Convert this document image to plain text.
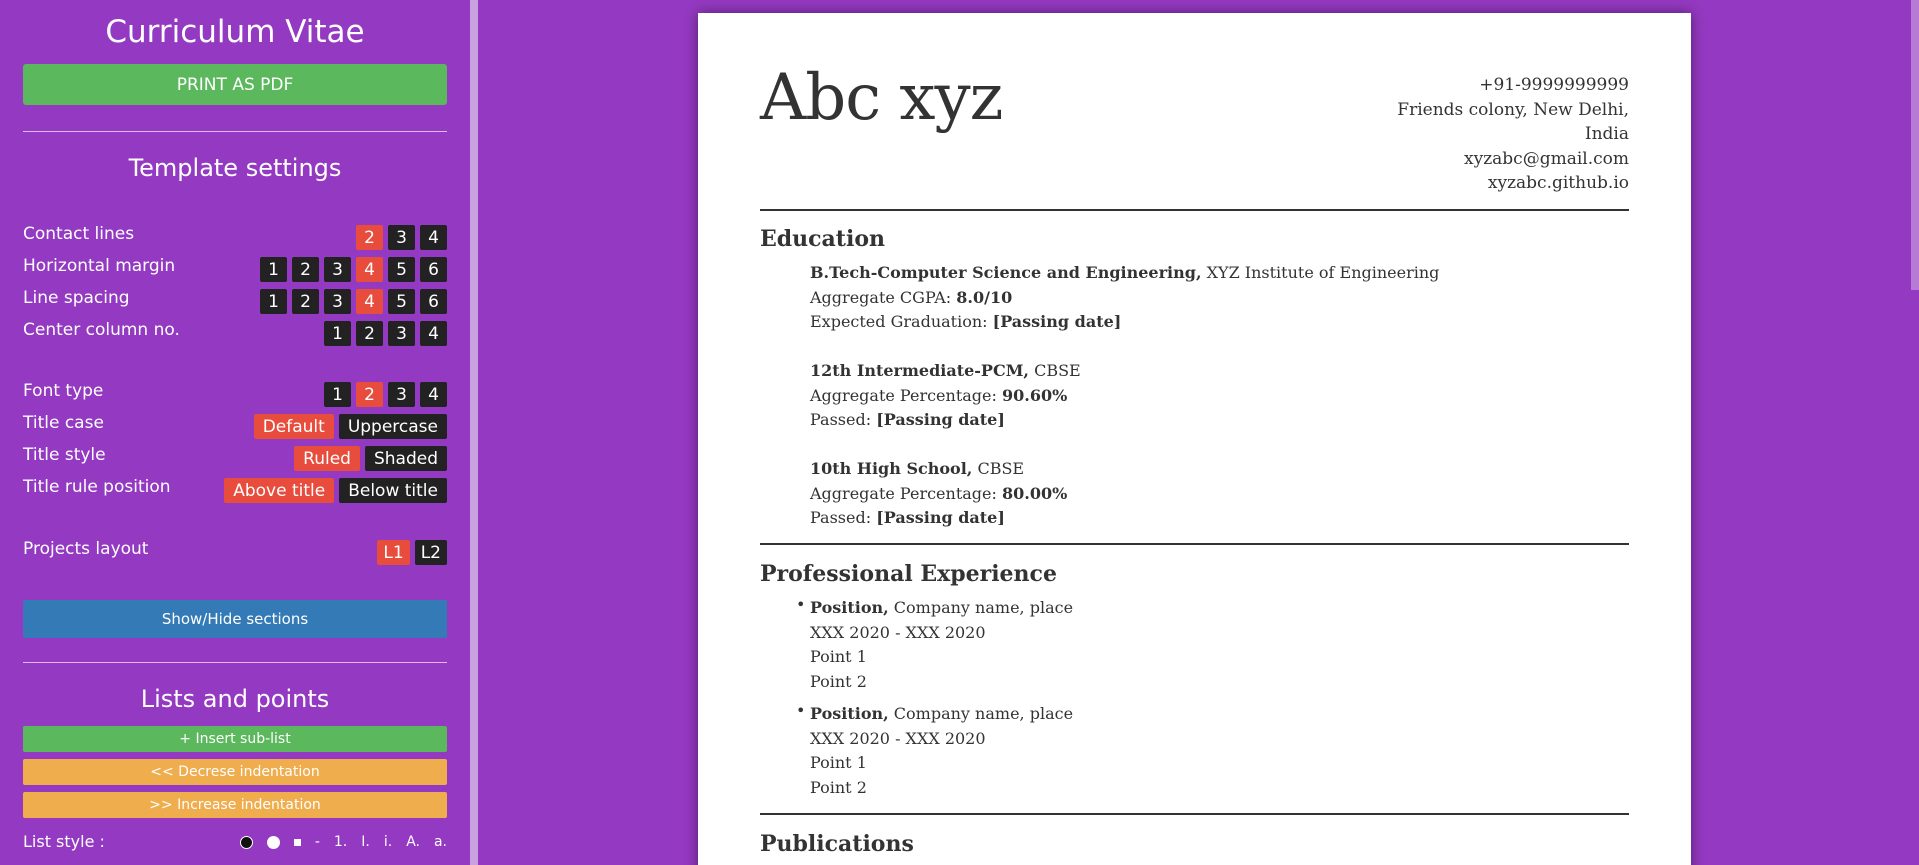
Curriculum Vitae
PRINT AS PDF
Template settings
Contact lines	2	3	4
Horizontal margin	1	2	3	4	5	6
Line spacing	1	2	3	4	5	6
Center column no.	1	2	3	4
Font type	1	2	3	4
Title case	Default	Uppercase
Title style	Ruled	Shaded
Title rule position	Above title	Below title
Projects layout	L1	L2
Show/Hide sections
Lists and points
+ Insert sub-list
<< Decrese indentation
>> Increase indentation
List style :	- 1. I. i. A. a.
Abc xyz	+91-9999999999
Friends colony, New Delhi,
India
xyzabc@gmail.com
xyzabc.github.io
Education
B.Tech-Computer Science and Engineering, XYZ Institute of Engineering
Aggregate CGPA: 8.0/10
Expected Graduation: [Passing date]
12th Intermediate-PCM, CBSE
Aggregate Percentage: 90.60%
Passed: [Passing date]
10th High School, CBSE
Aggregate Percentage: 80.00%
Passed: [Passing date]
Professional Experience
• Position, Company name, place
XXX 2020 - XXX 2020
Point 1
Point 2
• Position, Company name, place
XXX 2020 - XXX 2020
Point 1
Point 2
Publications
